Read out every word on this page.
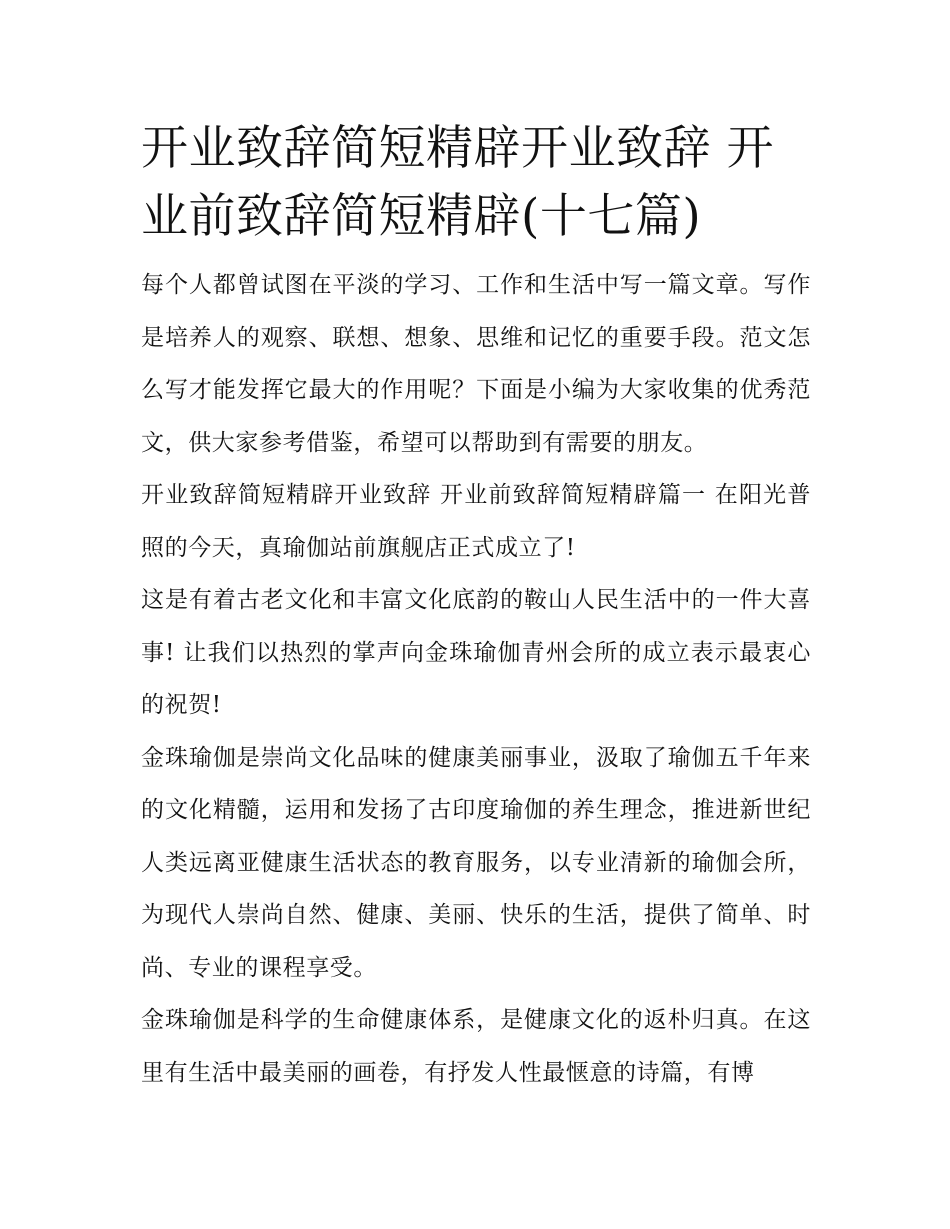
开业致辞简短精辟开业致辞 开业前致辞简短精辟(十七篇)

每个人都曾试图在平淡的学习、工作和生活中写一篇文章。写作是培养人的观察、联想、想象、思维和记忆的重要手段。范文怎么写才能发挥它最大的作用呢？下面是小编为大家收集的优秀范文，供大家参考借鉴，希望可以帮助到有需要的朋友。

开业致辞简短精辟开业致辞 开业前致辞简短精辟篇一 在阳光普照的今天，真瑜伽站前旗舰店正式成立了!

这是有着古老文化和丰富文化底韵的鞍山人民生活中的一件大喜事! 让我们以热烈的掌声向金珠瑜伽青州会所的成立表示最衷心的祝贺!

金珠瑜伽是崇尚文化品味的健康美丽事业，汲取了瑜伽五千年来的文化精髓，运用和发扬了古印度瑜伽的养生理念，推进新世纪人类远离亚健康生活状态的教育服务，以专业清新的瑜伽会所，为现代人崇尚自然、健康、美丽、快乐的生活，提供了简单、时尚、专业的课程享受。

金珠瑜伽是科学的生命健康体系，是健康文化的返朴归真。在这里有生活中最美丽的画卷，有抒发人性最惬意的诗篇，有博
